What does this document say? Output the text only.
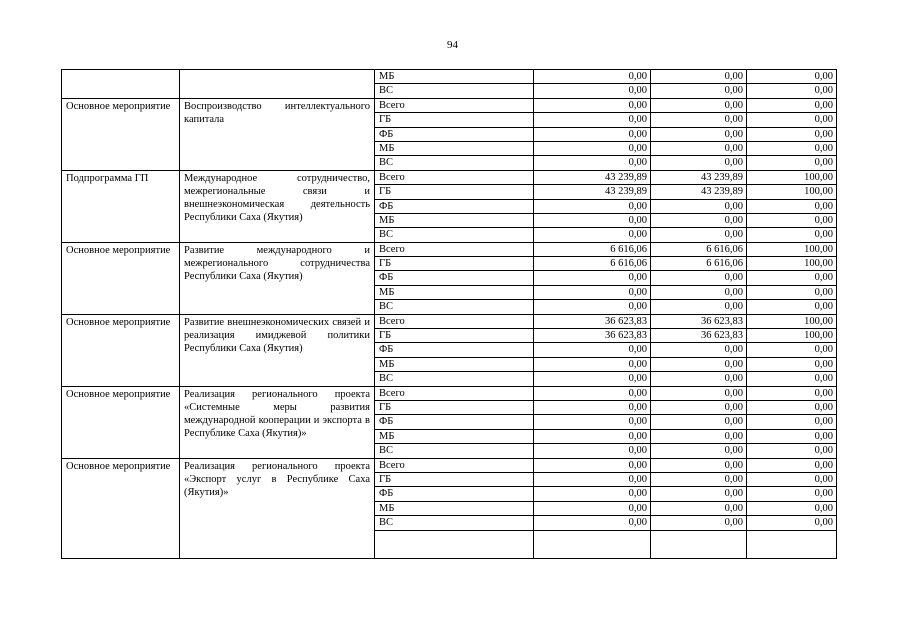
94
		МБ	0,00	0,00	0,00
		ВС	0,00	0,00	0,00
Основное мероприятие	Воспроизводство интеллектуального капитала	Всего	0,00	0,00	0,00
		ГБ	0,00	0,00	0,00
		ФБ	0,00	0,00	0,00
		МБ	0,00	0,00	0,00
		ВС	0,00	0,00	0,00
Подпрограмма ГП	Международное сотрудничество, межрегиональные связи и внешнеэкономическая деятельность Республики Саха (Якутия)	Всего	43 239,89	43 239,89	100,00
		ГБ	43 239,89	43 239,89	100,00
		ФБ	0,00	0,00	0,00
		МБ	0,00	0,00	0,00
		ВС	0,00	0,00	0,00
Основное мероприятие	Развитие международного и межрегионального сотрудничества Республики Саха (Якутия)	Всего	6 616,06	6 616,06	100,00
		ГБ	6 616,06	6 616,06	100,00
		ФБ	0,00	0,00	0,00
		МБ	0,00	0,00	0,00
		ВС	0,00	0,00	0,00
Основное мероприятие	Развитие внешнеэкономических связей и реализация имиджевой политики Республики Саха (Якутия)	Всего	36 623,83	36 623,83	100,00
		ГБ	36 623,83	36 623,83	100,00
		ФБ	0,00	0,00	0,00
		МБ	0,00	0,00	0,00
		ВС	0,00	0,00	0,00
Основное мероприятие	Реализация регионального проекта «Системные меры развития международной кооперации и экспорта в Республике Саха (Якутия)»	Всего	0,00	0,00	0,00
		ГБ	0,00	0,00	0,00
		ФБ	0,00	0,00	0,00
		МБ	0,00	0,00	0,00
		ВС	0,00	0,00	0,00
Основное мероприятие	Реализация регионального проекта «Экспорт услуг в Республике Саха (Якутия)»	Всего	0,00	0,00	0,00
		ГБ	0,00	0,00	0,00
		ФБ	0,00	0,00	0,00
		МБ	0,00	0,00	0,00
		ВС	0,00	0,00	0,00
